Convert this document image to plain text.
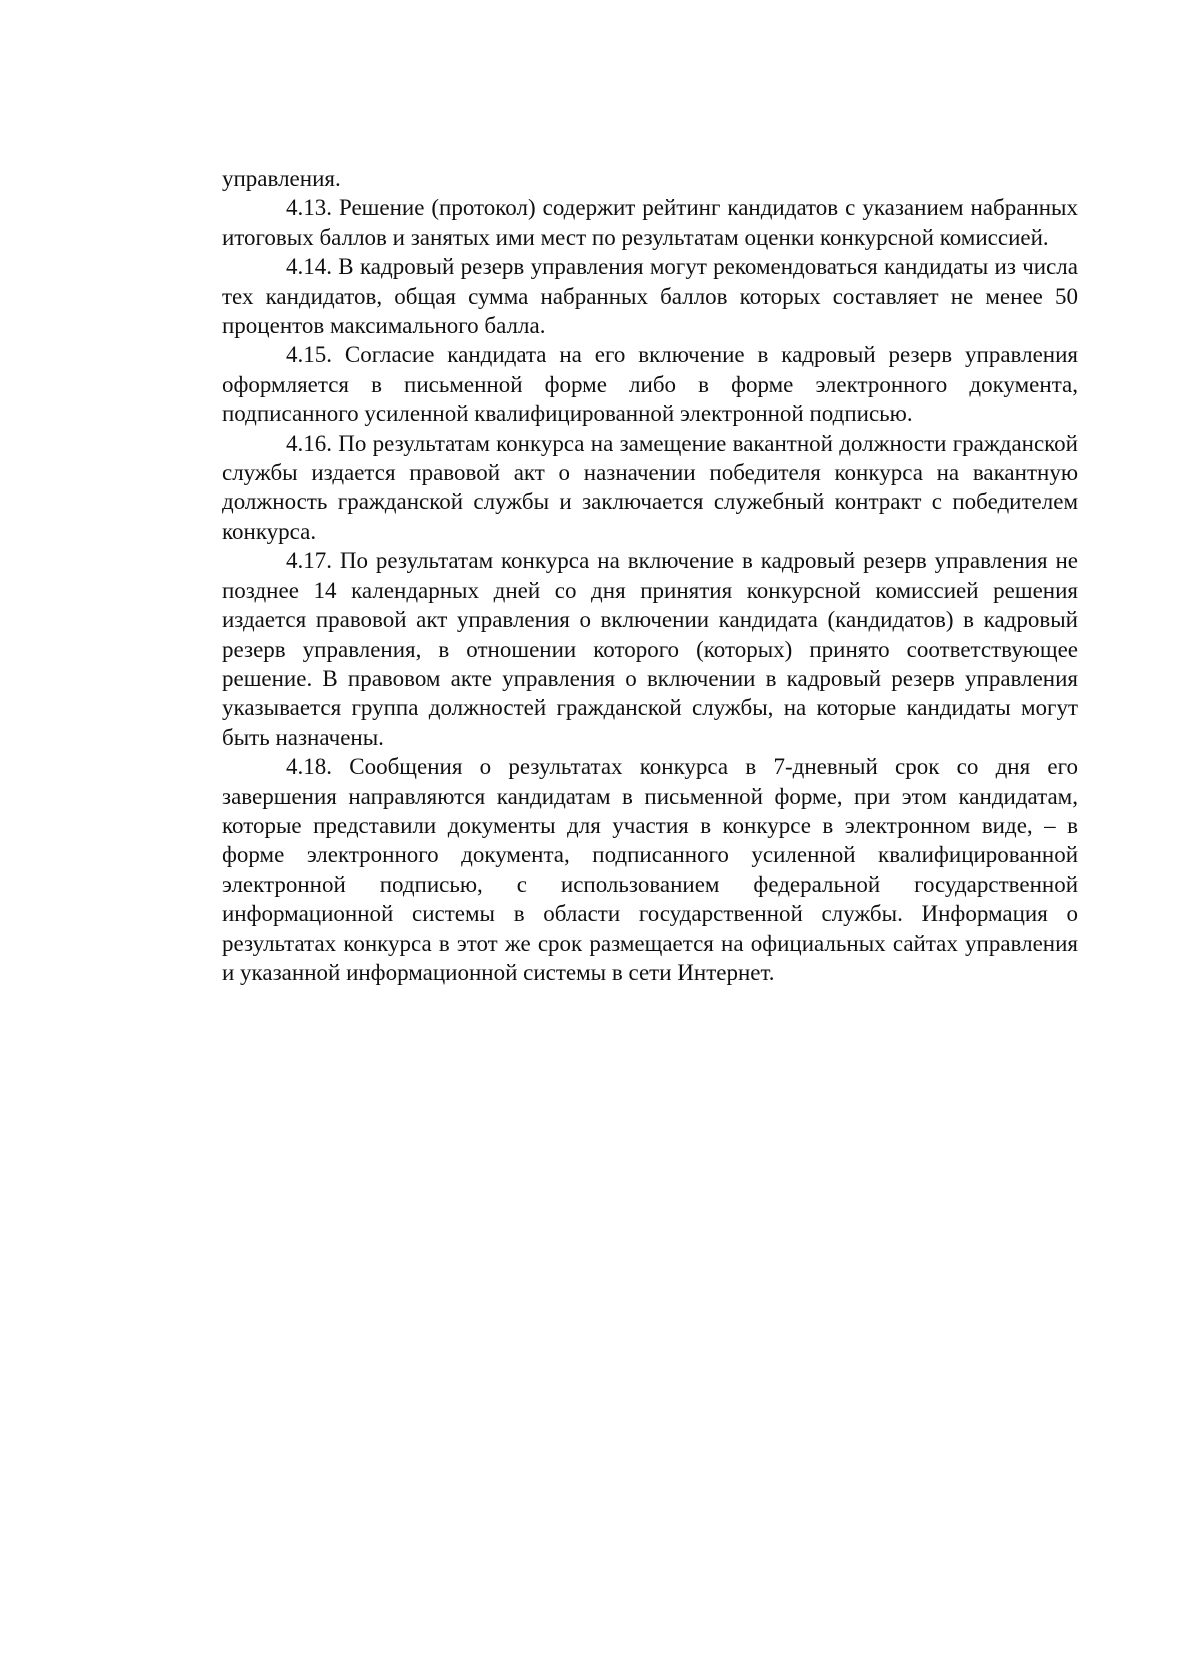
управления.

4.13. Решение (протокол) содержит рейтинг кандидатов с указанием набранных итоговых баллов и занятых ими мест по результатам оценки конкурсной комиссией.

4.14. В кадровый резерв управления могут рекомендоваться кандидаты из числа тех кандидатов, общая сумма набранных баллов которых составляет не менее 50 процентов максимального балла.

4.15. Согласие кандидата на его включение в кадровый резерв управления оформляется в письменной форме либо в форме электронного документа, подписанного усиленной квалифицированной электронной подписью.

4.16. По результатам конкурса на замещение вакантной должности гражданской службы издается правовой акт о назначении победителя конкурса на вакантную должность гражданской службы и заключается служебный контракт с победителем конкурса.

4.17. По результатам конкурса на включение в кадровый резерв управления не позднее 14 календарных дней со дня принятия конкурсной комиссией решения издается правовой акт управления о включении кандидата (кандидатов) в кадровый резерв управления, в отношении которого (которых) принято соответствующее решение. В правовом акте управления о включении в кадровый резерв управления указывается группа должностей гражданской службы, на которые кандидаты могут быть назначены.

4.18. Сообщения о результатах конкурса в 7-дневный срок со дня его завершения направляются кандидатам в письменной форме, при этом кандидатам, которые представили документы для участия в конкурсе в электронном виде, – в форме электронного документа, подписанного усиленной квалифицированной электронной подписью, с использованием федеральной государственной информационной системы в области государственной службы. Информация о результатах конкурса в этот же срок размещается на официальных сайтах управления и указанной информационной системы в сети Интернет.
